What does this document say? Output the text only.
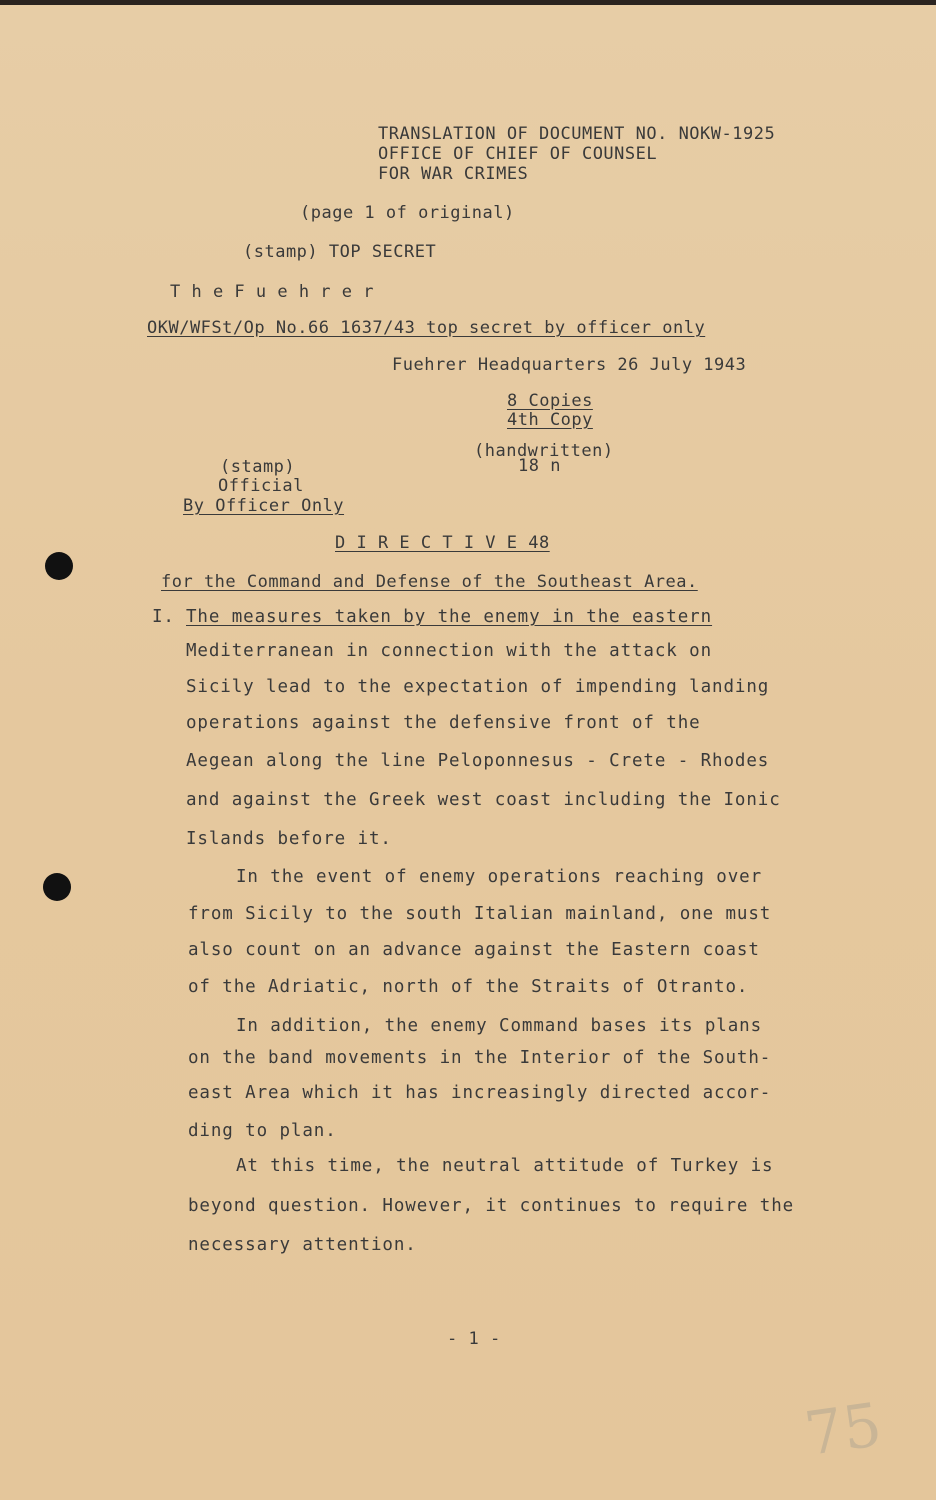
TRANSLATION OF DOCUMENT NO. NOKW-1925
OFFICE OF CHIEF OF COUNSEL
FOR WAR CRIMES
(page 1 of original)
(stamp) TOP SECRET
T h e F u e h r e r
OKW/WFSt/Op No.66 1637/43 top secret by officer only
Fuehrer Headquarters 26 July 1943
8 Copies
4th Copy
(handwritten)
18 n
(stamp)
Official
By Officer Only
D I R E C T I V E 48
for the Command and Defense of the Southeast Area.
I. The measures taken by the enemy in the eastern
Mediterranean in connection with the attack on
Sicily lead to the expectation of impending landing
operations against the defensive front of the
Aegean along the line Peloponnesus - Crete - Rhodes
and against the Greek west coast including the Ionic
Islands before it.
In the event of enemy operations reaching over
from Sicily to the south Italian mainland, one must
also count on an advance against the Eastern coast
of the Adriatic, north of the Straits of Otranto.
In addition, the enemy Command bases its plans
on the band movements in the Interior of the South-
east Area which it has increasingly directed accor-
ding to plan.
At this time, the neutral attitude of Turkey is
beyond question. However, it continues to require the
necessary attention.
- 1 -
75
